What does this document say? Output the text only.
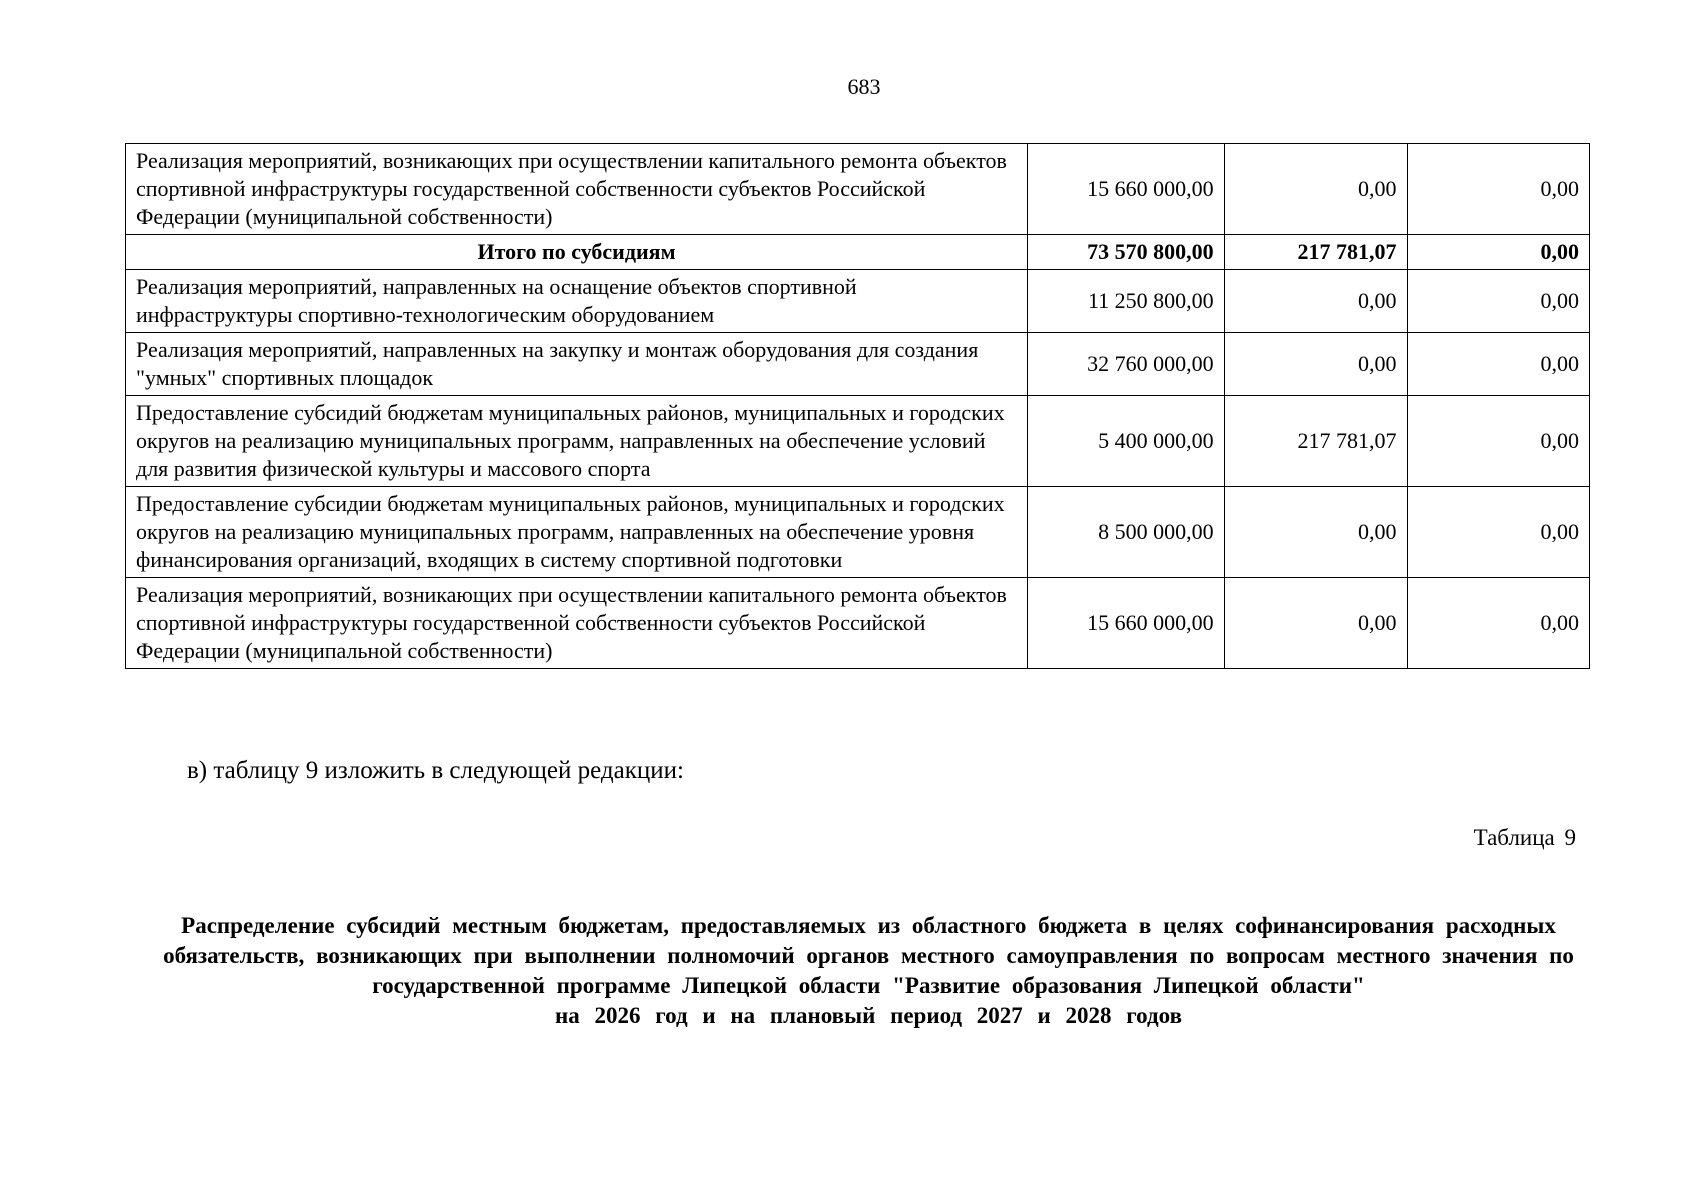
683
Реализация мероприятий, возникающих при осуществлении капитального ремонта объектов спортивной инфраструктуры государственной собственности субъектов Российской Федерации (муниципальной собственности)	15 660 000,00	0,00	0,00
Итого по субсидиям	73 570 800,00	217 781,07	0,00
Реализация мероприятий, направленных на оснащение объектов спортивной инфраструктуры спортивно-технологическим оборудованием	11 250 800,00	0,00	0,00
Реализация мероприятий, направленных на закупку и монтаж оборудования для создания "умных" спортивных площадок	32 760 000,00	0,00	0,00
Предоставление субсидий бюджетам муниципальных районов, муниципальных и городских округов на реализацию муниципальных программ, направленных на обеспечение условий для развития физической культуры и массового спорта	5 400 000,00	217 781,07	0,00
Предоставление субсидии бюджетам муниципальных районов, муниципальных и городских округов на реализацию муниципальных программ, направленных на обеспечение уровня финансирования организаций, входящих в систему спортивной подготовки	8 500 000,00	0,00	0,00
Реализация мероприятий, возникающих при осуществлении капитального ремонта объектов спортивной инфраструктуры государственной собственности субъектов Российской Федерации (муниципальной собственности)	15 660 000,00	0,00	0,00
в) таблицу 9 изложить в следующей редакции:
Таблица 9
Распределение субсидий местным бюджетам, предоставляемых из областного бюджета в целях софинансирования расходных обязательств, возникающих при выполнении полномочий органов местного самоуправления по вопросам местного значения по государственной программе Липецкой области "Развитие образования Липецкой области"
на 2026 год и на плановый период 2027 и 2028 годов
